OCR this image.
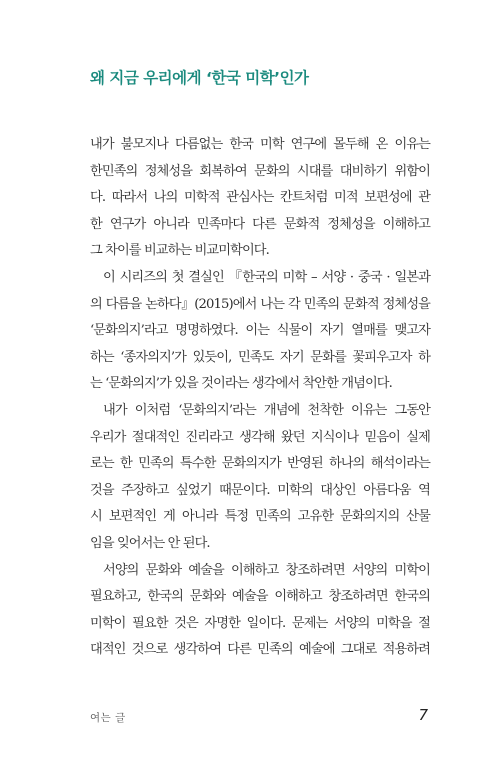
왜 지금 우리에게 ‘한국 미학’인가
내가 불모지나 다름없는 한국 미학 연구에 몰두해 온 이유는
한민족의 정체성을 회복하여 문화의 시대를 대비하기 위함이
다. 따라서 나의 미학적 관심사는 칸트처럼 미적 보편성에 관
한 연구가 아니라 민족마다 다른 문화적 정체성을 이해하고
그 차이를 비교하는 비교미학이다.
이 시리즈의 첫 결실인 『한국의 미학 – 서양 · 중국 · 일본과
의 다름을 논하다』(2015)에서 나는 각 민족의 문화적 정체성을
‘문화의지’라고 명명하였다. 이는 식물이 자기 열매를 맺고자
하는 ‘종자의지’가 있듯이, 민족도 자기 문화를 꽃피우고자 하
는 ‘문화의지’가 있을 것이라는 생각에서 착안한 개념이다.
내가 이처럼 ‘문화의지’라는 개념에 천착한 이유는 그동안
우리가 절대적인 진리라고 생각해 왔던 지식이나 믿음이 실제
로는 한 민족의 특수한 문화의지가 반영된 하나의 해석이라는
것을 주장하고 싶었기 때문이다. 미학의 대상인 아름다움 역
시 보편적인 게 아니라 특정 민족의 고유한 문화의지의 산물
임을 잊어서는 안 된다.
서양의 문화와 예술을 이해하고 창조하려면 서양의 미학이
필요하고, 한국의 문화와 예술을 이해하고 창조하려면 한국의
미학이 필요한 것은 자명한 일이다. 문제는 서양의 미학을 절
대적인 것으로 생각하여 다른 민족의 예술에 그대로 적용하려
여는 글	7
